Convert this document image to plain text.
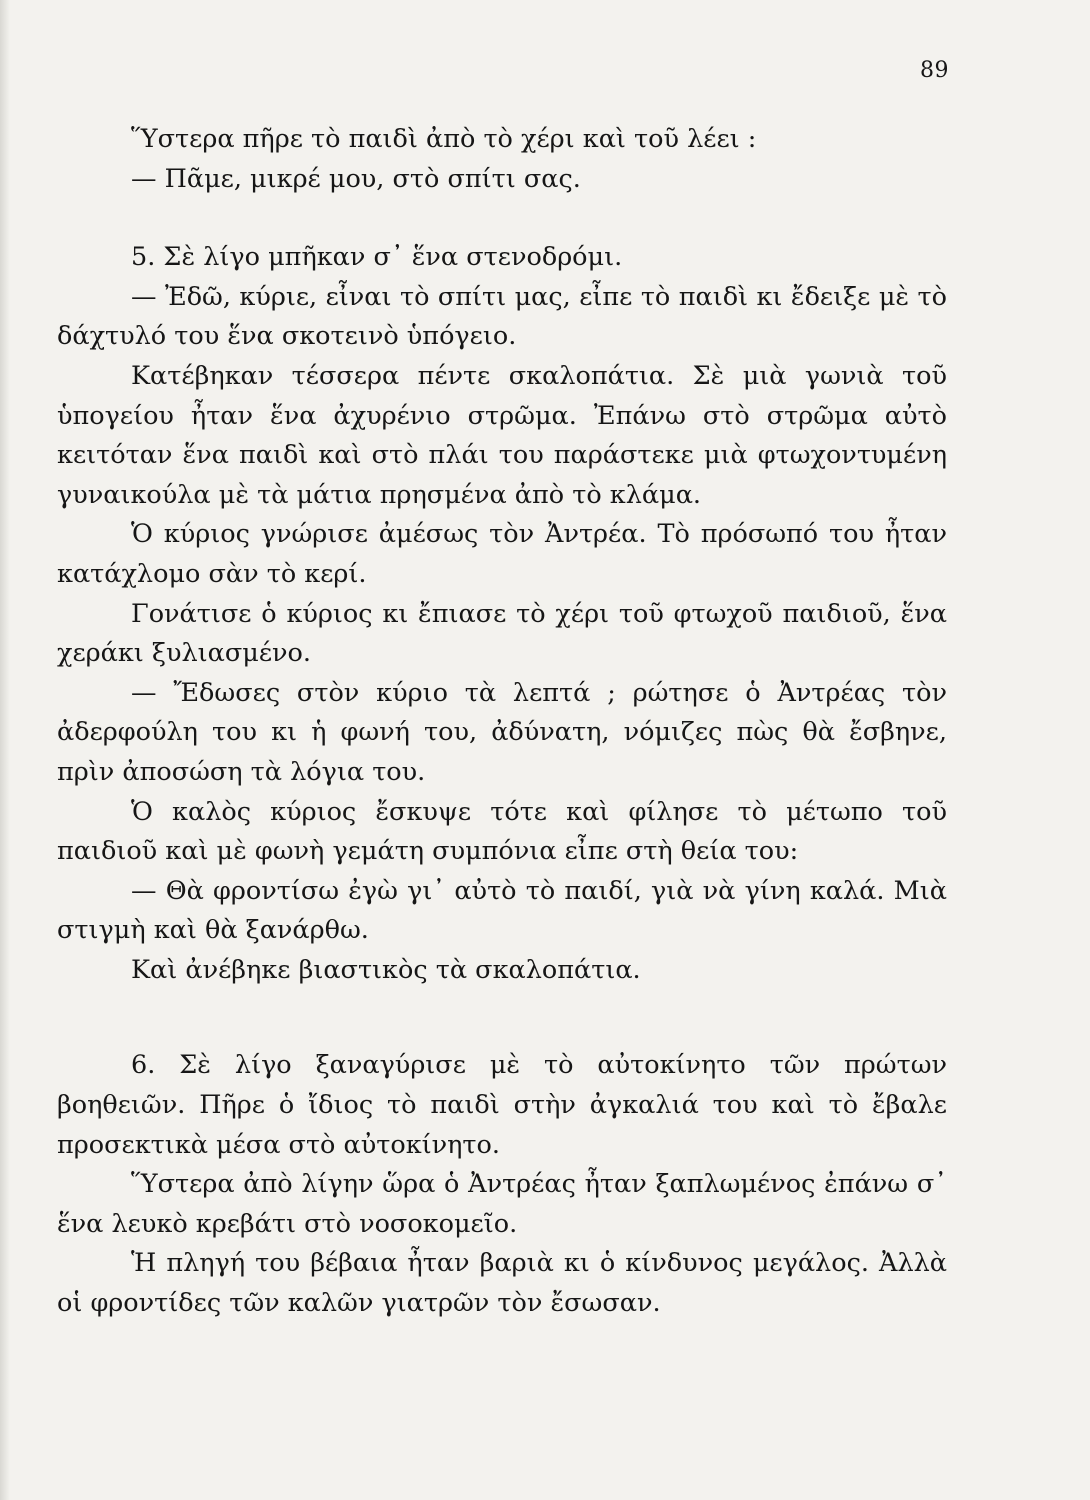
89

Ὕστερα πῆρε τὸ παιδὶ ἀπὸ τὸ χέρι καὶ τοῦ λέει :

— Πᾶμε, μικρέ μου, στὸ σπίτι σας.

5. Σὲ λίγο μπῆκαν σ᾽ ἕνα στενοδρόμι.

— Ἐδῶ, κύριε, εἶναι τὸ σπίτι μας, εἶπε τὸ παιδὶ κι ἔδειξε μὲ τὸ δάχτυλό του ἕνα σκοτεινὸ ὑπόγειο.

Κατέβηκαν τέσσερα πέντε σκαλοπάτια. Σὲ μιὰ γωνιὰ τοῦ ὑπογείου ἦταν ἕνα ἀχυρένιο στρῶμα. Ἐπάνω στὸ στρῶμα αὐτὸ κειτόταν ἕνα παιδὶ καὶ στὸ πλάι του παράστεκε μιὰ φτωχοντυμένη γυναικούλα μὲ τὰ μάτια πρησμένα ἀπὸ τὸ κλάμα.

Ὁ κύριος γνώρισε ἀμέσως τὸν Ἀντρέα. Τὸ πρόσωπό του ἦταν κατάχλομο σὰν τὸ κερί.

Γονάτισε ὁ κύριος κι ἔπιασε τὸ χέρι τοῦ φτωχοῦ παιδιοῦ, ἕνα χεράκι ξυλιασμένο.

— Ἔδωσες στὸν κύριο τὰ λεπτά ; ρώτησε ὁ Ἀντρέας τὸν ἀδερφούλη του κι ἡ φωνή του, ἀδύνατη, νόμιζες πὼς θὰ ἔσβηνε, πρὶν ἀποσώση τὰ λόγια του.

Ὁ καλὸς κύριος ἔσκυψε τότε καὶ φίλησε τὸ μέτωπο τοῦ παιδιοῦ καὶ μὲ φωνὴ γεμάτη συμπόνια εἶπε στὴ θεία του:

— Θὰ φροντίσω ἐγὼ γι᾽ αὐτὸ τὸ παιδί, γιὰ νὰ γίνη καλά. Μιὰ στιγμὴ καὶ θὰ ξανάρθω.

Καὶ ἀνέβηκε βιαστικὸς τὰ σκαλοπάτια.

6. Σὲ λίγο ξαναγύρισε μὲ τὸ αὐτοκίνητο τῶν πρώτων βοηθειῶν. Πῆρε ὁ ἴδιος τὸ παιδὶ στὴν ἀγκαλιά του καὶ τὸ ἔβαλε προσεκτικὰ μέσα στὸ αὐτοκίνητο.

Ὕστερα ἀπὸ λίγην ὥρα ὁ Ἀντρέας ἦταν ξαπλωμένος ἐπάνω σ᾽ ἕνα λευκὸ κρεβάτι στὸ νοσοκομεῖο.

Ἡ πληγή του βέβαια ἦταν βαριὰ κι ὁ κίνδυνος μεγάλος. Ἀλλὰ οἱ φροντίδες τῶν καλῶν γιατρῶν τὸν ἔσωσαν.
